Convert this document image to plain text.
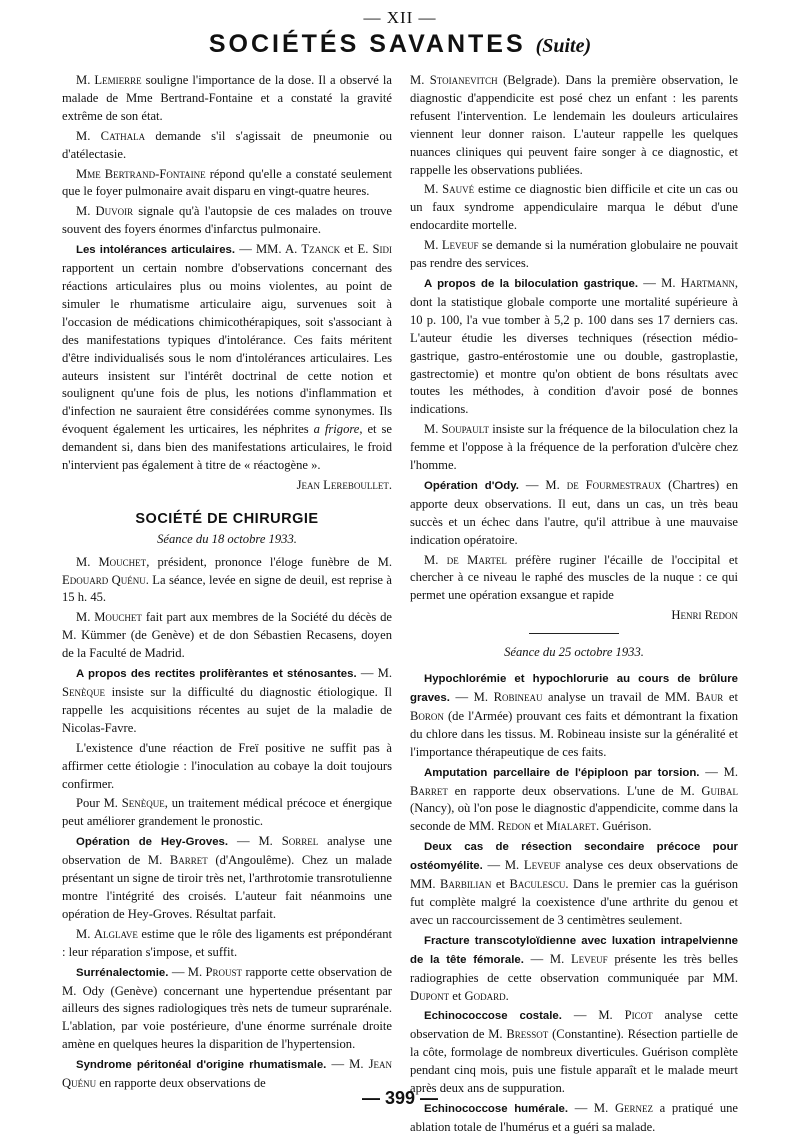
— XII —
SOCIÉTÉS SAVANTES (Suite)

M. Lemierre souligne l'importance de la dose. Il a observé la malade de Mme Bertrand-Fontaine et a constaté la gravité extrême de son état.

M. Cathala demande s'il s'agissait de pneumonie ou d'atélectasie.

Mme Bertrand-Fontaine répond qu'elle a constaté seulement que le foyer pulmonaire avait disparu en vingt-quatre heures.

M. Duvoir signale qu'à l'autopsie de ces malades on trouve souvent des foyers énormes d'infarctus pulmonaire.

Les intolérances articulaires. — MM. A. Tzanck et E. Sidi rapportent un certain nombre d'observations concernant des réactions articulaires plus ou moins violentes, au point de simuler le rhumatisme articulaire aigu, survenues soit à l'occasion de médications chimicothérapiques, soit s'associant à des manifestations typiques d'intolérance. Ces faits méritent d'être individualisés sous le nom d'intolérances articulaires. Les auteurs insistent sur l'intérêt doctrinal de cette notion et soulignent qu'une fois de plus, les notions d'inflammation et d'infection ne sauraient être considérées comme synonymes. Ils évoquent également les urticaires, les néphrites a frigore, et se demandent si, dans bien des manifestations articulaires, le froid n'intervient pas également à titre de « réactogène ».

Jean Lereboullet.
SOCIÉTÉ DE CHIRURGIE
Séance du 18 octobre 1933.

M. Mouchet, président, prononce l'éloge funèbre de M. Edouard Quénu. La séance, levée en signe de deuil, est reprise à 15 h. 45.

M. Mouchet fait part aux membres de la Société du décès de M. Kümmer (de Genève) et de don Sébastien Recasens, doyen de la Faculté de Madrid.

A propos des rectites prolifèrantes et sténosantes. — M. Senèque insiste sur la difficulté du diagnostic étiologique. Il rappelle les acquisitions récentes au sujet de la maladie de Nicolas-Favre.

L'existence d'une réaction de Freï positive ne suffit pas à affirmer cette étiologie : l'inoculation au cobaye la doit toujours confirmer.

Pour M. Senèque, un traitement médical précoce et énergique peut améliorer grandement le pronostic.

Opération de Hey-Groves. — M. Sorrel analyse une observation de M. Barret (d'Angoulême). Chez un malade présentant un signe de tiroir très net, l'arthrotomie transrotulienne montre l'intégrité des croisés. L'auteur fait néanmoins une opération de Hey-Groves. Résultat parfait.

M. Alglave estime que le rôle des ligaments est prépondérant : leur réparation s'impose, et suffit.

Surrénalectomie. — M. Proust rapporte cette observation de M. Ody (Genève) concernant une hypertendue présentant par ailleurs des signes radiologiques très nets de tumeur suprarénale. L'ablation, par voie postérieure, d'une énorme surrénale droite amène en quelques heures la disparition de l'hypertension.

Syndrome péritonéal d'origine rhumatismale. — M. Jean Quénu en rapporte deux observations de

M. Stoianevitch (Belgrade). Dans la première observation, le diagnostic d'appendicite est posé chez un enfant : les parents refusent l'intervention. Le lendemain les douleurs articulaires viennent leur donner raison. L'auteur rappelle les quelques nuances cliniques qui peuvent faire songer à ce diagnostic, et rappelle les observations publiées.

M. Sauvé estime ce diagnostic bien difficile et cite un cas ou un faux syndrome appendiculaire marqua le début d'une endocardite mortelle.

M. Leveuf se demande si la numération globulaire ne pouvait pas rendre des services.

A propos de la biloculation gastrique. — M. Hartmann, dont la statistique globale comporte une mortalité supérieure à 10 p. 100, l'a vue tomber à 5,2 p. 100 dans ses 17 derniers cas. L'auteur étudie les diverses techniques (résection médio-gastrique, gastro-entérostomie une ou double, gastroplastie, gastrectomie) et montre qu'on obtient de bons résultats avec toutes les méthodes, à condition d'avoir posé de bonnes indications.

M. Soupault insiste sur la fréquence de la biloculation chez la femme et l'oppose à la fréquence de la perforation d'ulcère chez l'homme.

Opération d'Ody. — M. de Fourmestraux (Chartres) en apporte deux observations. Il eut, dans un cas, un très beau succès et un échec dans l'autre, qu'il attribue à une mauvaise indication opératoire.

M. de Martel préfère ruginer l'écaille de l'occipital et chercher à ce niveau le raphé des muscles de la nuque : ce qui permet une opération exsangue et rapide

Henri Redon
Séance du 25 octobre 1933.

Hypochlorémie et hypochlorurie au cours de brûlure graves. — M. Robineau analyse un travail de MM. Baur et Boron (de l'Armée) prouvant ces faits et démontrant la fixation du chlore dans les tissus. M. Robineau insiste sur la généralité et l'importance thérapeutique de ces faits.

Amputation parcellaire de l'épiploon par torsion. — M. Barret en rapporte deux observations. L'une de M. Guibal (Nancy), où l'on pose le diagnostic d'appendicite, comme dans la seconde de MM. Redon et Mialaret. Guérison.

Deux cas de résection secondaire précoce pour ostéomyélite. — M. Leveuf analyse ces deux observations de MM. Barbilian et Baculescu. Dans le premier cas la guérison fut complète malgré la coexistence d'une arthrite du genou et avec un raccourcissement de 3 centimètres seulement.

Fracture transcotyloïdienne avec luxation intrapelvienne de la tête fémorale. — M. Leveuf présente les très belles radiographies de cette observation communiquée par MM. Dupont et Godard.

Echinococcose costale. — M. Picot analyse cette observation de M. Bressot (Constantine). Résection partielle de la côte, formolage de nombreux diverticules. Guérison complète pendant cinq mois, puis une fistule apparaît et le malade meurt après deux ans de suppuration.

Echinococcose humérale. — M. Gernez a pratiqué une ablation totale de l'humérus et a guéri sa malade.

— 399 —
